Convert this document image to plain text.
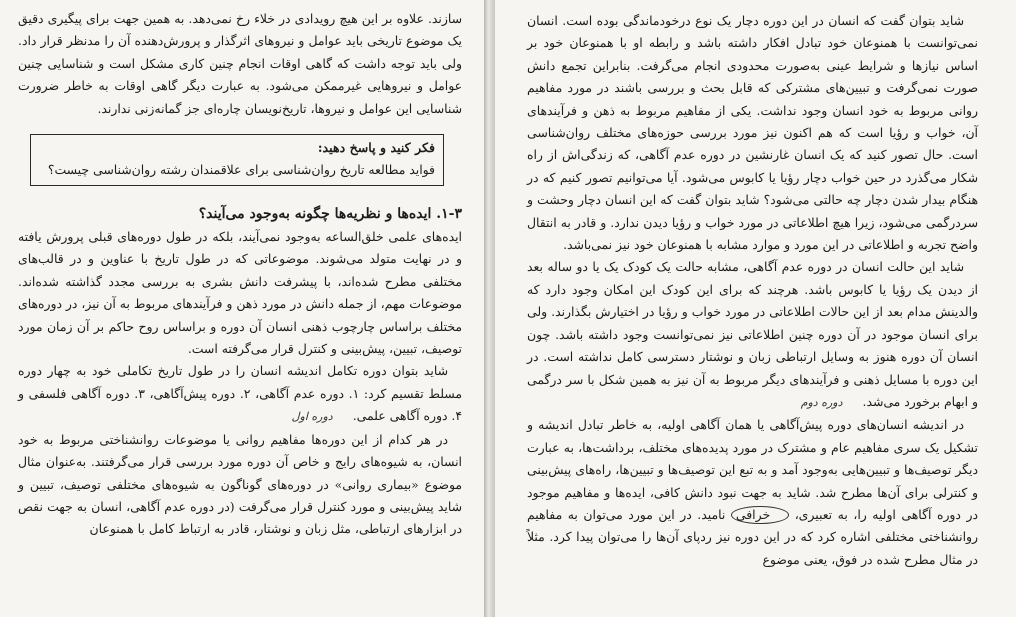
سازند. علاوه بر این هیچ رویدادی در خلاء رخ نمی‌دهد. به همین جهت برای پیگیری دقیق یک موضوع تاریخی باید عوامل و نیروهای اثرگذار و پرورش‌دهنده آن را مدنظر قرار داد. ولی باید توجه داشت که گاهی اوقات انجام چنین کاری مشکل است و شناسایی چنین عوامل و نیروهایی غیرممکن می‌شود. به عبارت دیگر گاهی اوقات به خاطر ضرورت شناسایی این عوامل و نیروها، تاریخ‌نویسان چاره‌ای جز گمانه‌زنی ندارند.

فکر کنید و پاسخ دهید:

فواید مطالعه تاریخ روان‌شناسی برای علاقمندان رشته روان‌شناسی چیست؟

۱-۳. ایده‌ها و نظریه‌ها چگونه به‌وجود می‌آیند؟

ایده‌های علمی خلق‌الساعه به‌وجود نمی‌آیند، بلکه در طول دوره‌های قبلی پرورش یافته و در نهایت متولد می‌شوند. موضوعاتی که در طول تاریخ با عناوین و در قالب‌های مختلفی مطرح شده‌اند، با پیشرفت دانش بشری به بررسی مجدد گذاشته شده‌اند. موضوعات مهم، از جمله دانش در مورد ذهن و فرآیندهای مربوط به آن نیز، در دوره‌های مختلف براساس چارچوب ذهنی انسان آن دوره و براساس روح حاکم بر آن زمان مورد توصیف، تبیین، پیش‌بینی و کنترل قرار می‌گرفته است.

شاید بتوان دوره تکامل اندیشه انسان را در طول تاریخ تکاملی خود به چهار دوره مسلط تقسیم کرد: ۱. دوره عدم آگاهی، ۲. دوره پیش‌آگاهی، ۳. دوره آگاهی فلسفی و ۴. دوره آگاهی علمی.دوره اول

در هر کدام از این دوره‌ها مفاهیم روانی یا موضوعات روانشناختی مربوط به خود انسان، به شیوه‌های رایج و خاص آن دوره مورد بررسی قرار می‌گرفتند. به‌عنوان مثال موضوع «بیماری روانی» در دوره‌های گوناگون به شیوه‌های مختلفی توصیف، تبیین و شاید پیش‌بینی و مورد کنترل قرار می‌گرفت (در دوره عدم آگاهی، انسان به جهت نقص در ابزارهای ارتباطی، مثل زبان و نوشتار، قادر به ارتباط کامل با همنوعان

شاید بتوان گفت که انسان در این دوره دچار یک نوع درخودماندگی بوده است. انسان نمی‌توانست با همنوعان خود تبادل افکار داشته باشد و رابطه او با همنوعان خود بر اساس نیازها و شرایط عینی به‌صورت محدودی انجام می‌گرفت. بنابراین تجمع دانش صورت نمی‌گرفت و تبیین‌های مشترکی که قابل بحث و بررسی باشند در مورد مفاهیم روانی مربوط به خود انسان وجود نداشت. یکی از مفاهیم مربوط به ذهن و فرآیندهای آن، خواب و رؤیا است که هم اکنون نیز مورد بررسی حوزه‌های مختلف روان‌شناسی است. حال تصور کنید که یک انسان غارنشین در دوره عدم آگاهی، که زندگی‌اش از راه شکار می‌گذرد در حین خواب دچار رؤیا یا کابوس می‌شود. آیا می‌توانیم تصور کنیم که در هنگام بیدار شدن دچار چه حالتی می‌شود؟ شاید بتوان گفت که این انسان دچار وحشت و سردرگمی می‌شود، زیرا هیچ اطلاعاتی در مورد خواب و رؤیا دیدن ندارد. و قادر به انتقال واضح تجربه و اطلاعاتی در این مورد و موارد مشابه با همنوعان خود نیز نمی‌باشد.

شاید این حالت انسان در دوره عدم آگاهی، مشابه حالت یک کودک یک یا دو ساله بعد از دیدن یک رؤیا یا کابوس باشد. هرچند که برای این کودک این امکان وجود دارد که والدینش مدام بعد از این حالات اطلاعاتی در مورد خواب و رؤیا در اختیارش بگذارند. ولی برای انسان موجود در آن دوره چنین اطلاعاتی نیز نمی‌توانست وجود داشته باشد. چون انسان آن دوره هنوز به وسایل ارتباطی زبان و نوشتار دسترسی کامل نداشته است. در این دوره با مسایل ذهنی و فرآیندهای دیگر مربوط به آن نیز به همین شکل با سر درگمی و ابهام برخورد می‌شد.دوره دوم

در اندیشه انسان‌های دوره پیش‌آگاهی یا همان آگاهی اولیه، به خاطر تبادل اندیشه و تشکیل یک سری مفاهیم عام و مشترک در مورد پدیده‌های مختلف، برداشت‌ها، به عبارت دیگر توصیف‌ها و تبیین‌هایی به‌وجود آمد و به تبع این توصیف‌ها و تبیین‌ها، راه‌های پیش‌بینی و کنترلی برای آن‌ها مطرح شد. شاید به جهت نبود دانش کافی، ایده‌ها و مفاهیم موجود در دوره آگاهی اولیه را، به تعبیری، خرافی نامید. در این مورد می‌توان به مفاهیم روانشناختی مختلفی اشاره کرد که در این دوره نیز ردپای آن‌ها را می‌توان پیدا کرد. مثلاً در مثال مطرح شده در فوق، یعنی موضوع
